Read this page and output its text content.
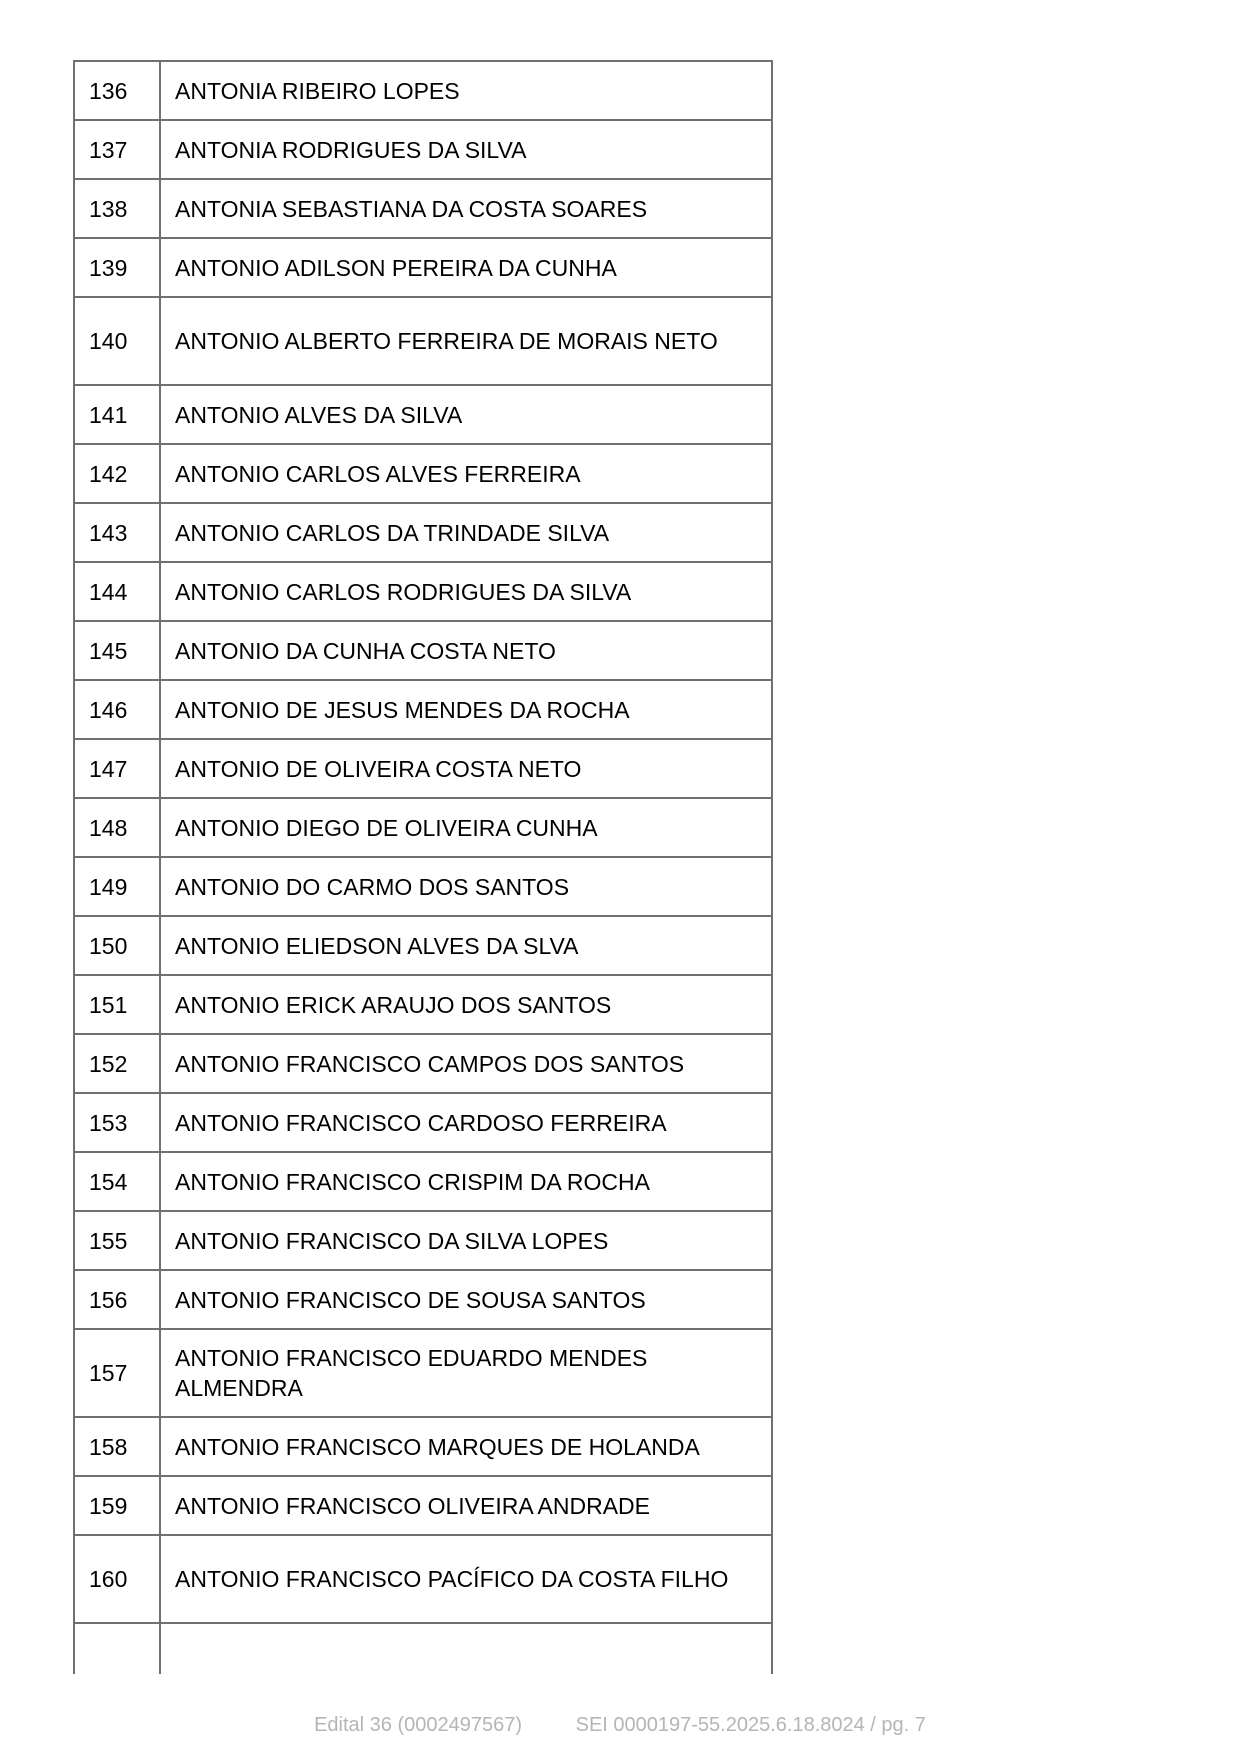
136	ANTONIA RIBEIRO LOPES
137	ANTONIA RODRIGUES DA SILVA
138	ANTONIA SEBASTIANA DA COSTA SOARES
139	ANTONIO ADILSON PEREIRA DA CUNHA
140	ANTONIO ALBERTO FERREIRA DE MORAIS NETO
141	ANTONIO ALVES DA SILVA
142	ANTONIO CARLOS ALVES FERREIRA
143	ANTONIO CARLOS DA TRINDADE SILVA
144	ANTONIO CARLOS RODRIGUES DA SILVA
145	ANTONIO DA CUNHA COSTA NETO
146	ANTONIO DE JESUS MENDES DA ROCHA
147	ANTONIO DE OLIVEIRA COSTA NETO
148	ANTONIO DIEGO DE OLIVEIRA CUNHA
149	ANTONIO DO CARMO DOS SANTOS
150	ANTONIO ELIEDSON ALVES DA SLVA
151	ANTONIO ERICK ARAUJO DOS SANTOS
152	ANTONIO FRANCISCO CAMPOS DOS SANTOS
153	ANTONIO FRANCISCO CARDOSO FERREIRA
154	ANTONIO FRANCISCO CRISPIM DA ROCHA
155	ANTONIO FRANCISCO DA SILVA LOPES
156	ANTONIO FRANCISCO DE SOUSA SANTOS
157	ANTONIO FRANCISCO EDUARDO MENDES ALMENDRA
158	ANTONIO FRANCISCO MARQUES DE HOLANDA
159	ANTONIO FRANCISCO OLIVEIRA ANDRADE
160	ANTONIO FRANCISCO PACÍFICO DA COSTA FILHO

Edital 36 (0002497567)	SEI 0000197-55.2025.6.18.8024 / pg. 7
